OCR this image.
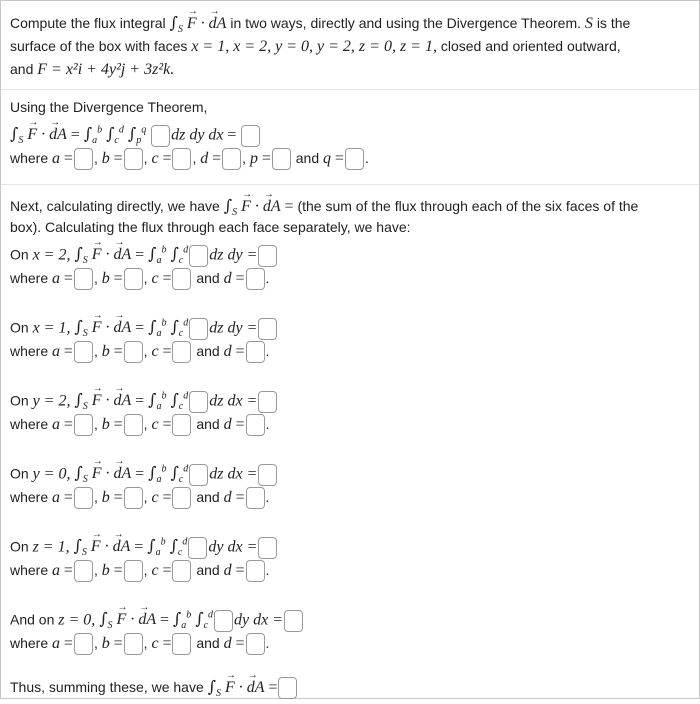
Compute the flux integral $\int_S \to F$ · → dA in two ways, directly and using the Divergence Theorem. S is the
surface of the box with faces x = 1, x = 2, y = 0, y = 2, z = 0, z = 1, closed and oriented outward,
and F = x²i + 4y²j + 3z²k.
Using the Divergence Theorem,
$\int_S \to F$ · → dA = $\int_a^b$ $\int_c^d$ $\int_p^q$ dz dy dx =
where a = , b = , c = , d = , p = and q = .
Next, calculating directly, we have $\int_S \to F$ · → dA = (the sum of the flux through each of the six faces of the
box). Calculating the flux through each face separately, we have:
On x = 2, $\int_S \to F$ · → dA = $\int_a^b$ $\int_c^d$ dz dy =
where a = , b = , c = and d = .
On x = 1, $\int_S \to F$ · → dA = $\int_a^b$ $\int_c^d$ dz dy =
where a = , b = , c = and d = .
On y = 2, $\int_S \to F$ · → dA = $\int_a^b$ $\int_c^d$ dz dx =
where a = , b = , c = and d = .
On y = 0, $\int_S \to F$ · → dA = $\int_a^b$ $\int_c^d$ dz dx =
where a = , b = , c = and d = .
On z = 1, $\int_S \to F$ · → dA = $\int_a^b$ $\int_c^d$ dy dx =
where a = , b = , c = and d = .
And on z = 0, $\int_S \to F$ · → dA = $\int_a^b$ $\int_c^d$ dy dx =
where a = , b = , c = and d = .
Thus, summing these, we have $\int_S \to F$ · → dA =
